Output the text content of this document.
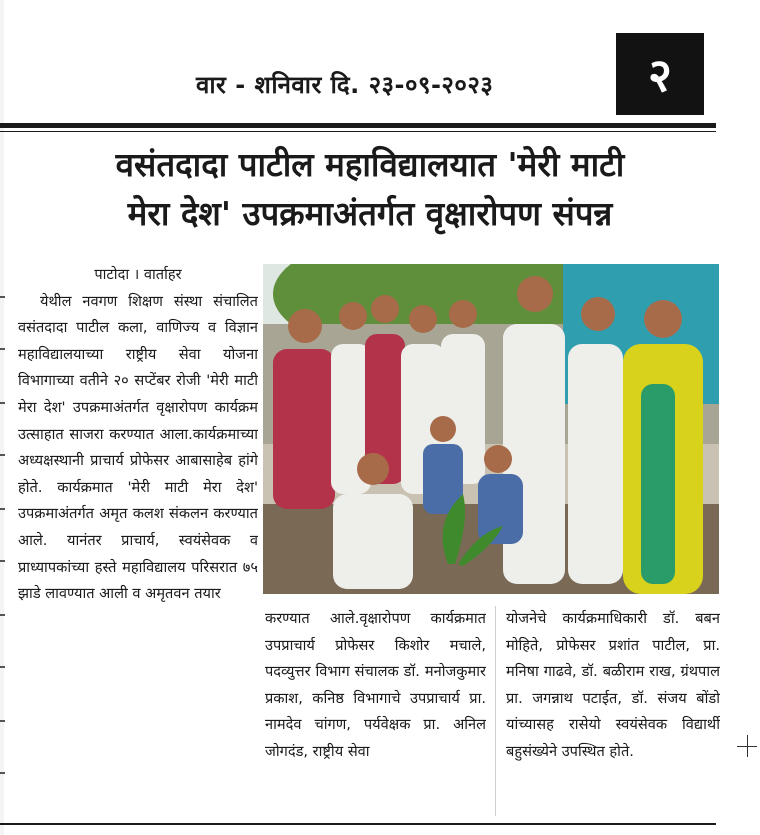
वार - शनिवार दि. २३-०९-२०२३	२
वसंतदादा पाटील महाविद्यालयात 'मेरी माटी
मेरा देश' उपक्रमाअंतर्गत वृक्षारोपण संपन्न
पाटोदा । वार्ताहर
येथील नवगण शिक्षण संस्था संचालित वसंतदादा पाटील कला, वाणिज्य व विज्ञान महाविद्यालयाच्या राष्ट्रीय सेवा योजना विभागाच्या वतीने २० सप्टेंबर रोजी 'मेरी माटी मेरा देश' उपक्रमाअंतर्गत वृक्षारोपण कार्यक्रम उत्साहात साजरा करण्यात आला.कार्यक्रमाच्या अध्यक्षस्थानी प्राचार्य प्रोफेसर आबासाहेब हांगे होते. कार्यक्रमात 'मेरी माटी मेरा देश' उपक्रमाअंतर्गत अमृत कलश संकलन करण्यात आले. यानंतर प्राचार्य, स्वयंसेवक व प्राध्यापकांच्या हस्ते महाविद्यालय परिसरात ७५ झाडे लावण्यात आली व अमृतवन तयार
करण्यात आले.वृक्षारोपण कार्यक्रमात उपप्राचार्य प्रोफेसर किशोर मचाले, पदव्युत्तर विभाग संचालक डॉ. मनोजकुमार प्रकाश, कनिष्ठ विभागाचे उपप्राचार्य प्रा. नामदेव चांगण, पर्यवेक्षक प्रा. अनिल जोगदंड, राष्ट्रीय सेवा
योजनेचे कार्यक्रमाधिकारी डॉ. बबन मोहिते, प्रोफेसर प्रशांत पाटील, प्रा. मनिषा गाढवे, डॉ. बळीराम राख, ग्रंथपाल प्रा. जगन्नाथ पटाईत, डॉ. संजय बोंडो यांच्यासह रासेयो स्वयंसेवक विद्यार्थी बहुसंख्येने उपस्थित होते.
